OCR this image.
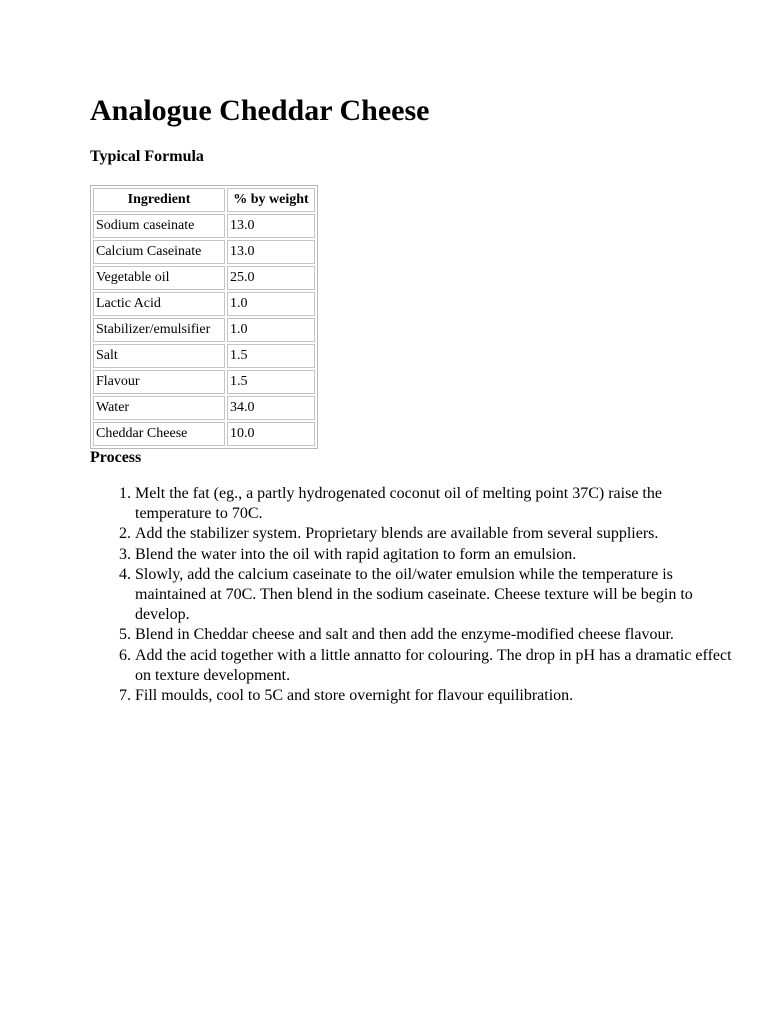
Analogue Cheddar Cheese
Typical Formula
Ingredient	% by weight
Sodium caseinate	13.0
Calcium Caseinate	13.0
Vegetable oil	25.0
Lactic Acid	1.0
Stabilizer/emulsifier	1.0
Salt	1.5
Flavour	1.5
Water	34.0
Cheddar Cheese	10.0
Process
1. Melt the fat (eg., a partly hydrogenated coconut oil of melting point 37C) raise the temperature to 70C.
2. Add the stabilizer system. Proprietary blends are available from several suppliers.
3. Blend the water into the oil with rapid agitation to form an emulsion.
4. Slowly, add the calcium caseinate to the oil/water emulsion while the temperature is maintained at 70C. Then blend in the sodium caseinate. Cheese texture will be begin to develop.
5. Blend in Cheddar cheese and salt and then add the enzyme-modified cheese flavour.
6. Add the acid together with a little annatto for colouring. The drop in pH has a dramatic effect on texture development.
7. Fill moulds, cool to 5C and store overnight for flavour equilibration.
